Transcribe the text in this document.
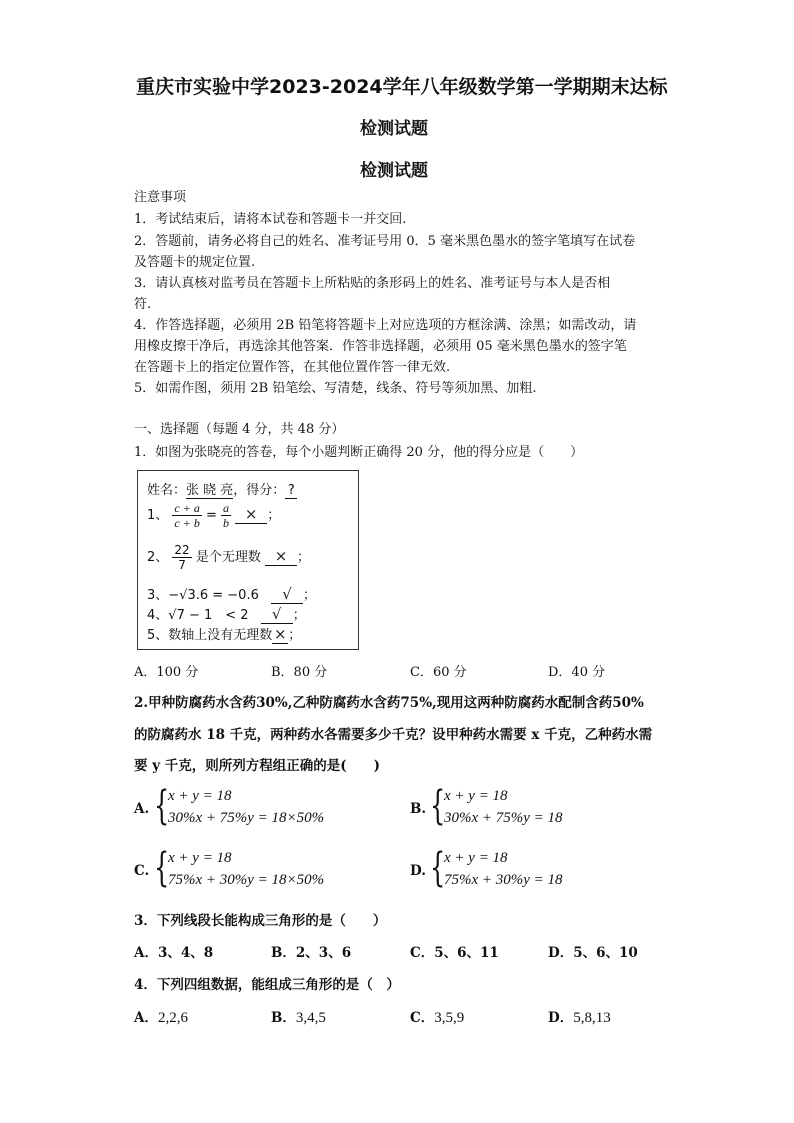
重庆市实验中学2023-2024学年八年级数学第一学期期末达标
检测试题
检测试题
注意事项
1．考试结束后，请将本试卷和答题卡一并交回.
2．答题前，请务必将自己的姓名、准考证号用 0．5 毫米黑色墨水的签字笔填写在试卷
及答题卡的规定位置.
3．请认真核对监考员在答题卡上所粘贴的条形码上的姓名、准考证号与本人是否相
符.
4．作答选择题，必须用 2B 铅笔将答题卡上对应选项的方框涂满、涂黑；如需改动，请
用橡皮擦干净后，再选涂其他答案．作答非选择题，必须用 05 毫米黑色墨水的签字笔
在答题卡上的指定位置作答，在其他位置作答一律无效.
5．如需作图，须用 2B 铅笔绘、写清楚，线条、符号等须加黑、加粗.
一、选择题（每题 4 分，共 48 分）
1．如图为张晓亮的答卷，每个小题判断正确得 20 分，他的得分应是（　　）
姓名：张 晓 亮，得分： ?
1、 $\frac{c + a}{c + b} = \frac{a}{b}$ × ；
2、 $\frac{22}{7}$ 是个无理数 × ；
3、−√3.6 = −0.6 √ ；
4、√7 − 1　< 2 √ ；
5、数轴上没有无理数 × ；
A．100 分	B．80 分	C．60 分	D．40 分
2.甲种防腐药水含药30%,乙种防腐药水含药75%,现用这两种防腐药水配制含药50%
的防腐药水 18 千克，两种药水各需要多少千克？设甲种药水需要 x 千克，乙种药水需
要 y 千克，则所列方程组正确的是(　　)
A. {
x + y = 18
30%x + 75%y = 18×50%
B. {
x + y = 18
30%x + 75%y = 18
C. {
x + y = 18
75%x + 30%y = 18×50%
D. {
x + y = 18
75%x + 30%y = 18
3．下列线段长能构成三角形的是（　　）
A．3、4、8	B．2、3、6	C．5、6、11	D．5、6、10
4．下列四组数据，能组成三角形的是（　）
A．2,2,6	B．3,4,5	C．3,5,9	D．5,8,13
